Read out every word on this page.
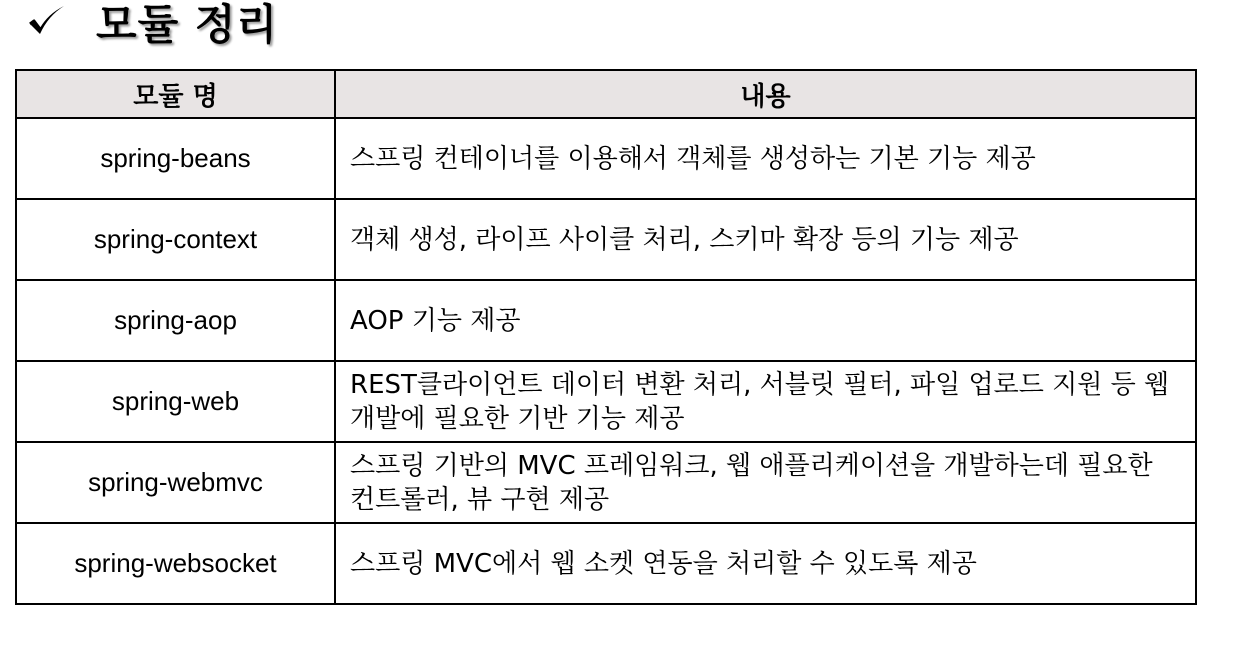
모듈 정리
모듈 명	내용
spring-beans	스프링 컨테이너를 이용해서 객체를 생성하는 기본 기능 제공

spring-context	객체 생성, 라이프 사이클 처리, 스키마 확장 등의 기능 제공

spring-aop	AOP 기능 제공

spring-web	REST클라이언트 데이터 변환 처리, 서블릿 필터, 파일 업로드 지원 등 웹 개발에 필요한 기반 기능 제공

spring-webmvc	스프링 기반의 MVC 프레임워크, 웹 애플리케이션을 개발하는데 필요한 컨트롤러, 뷰 구현 제공

spring-websocket	스프링 MVC에서 웹 소켓 연동을 처리할 수 있도록 제공
